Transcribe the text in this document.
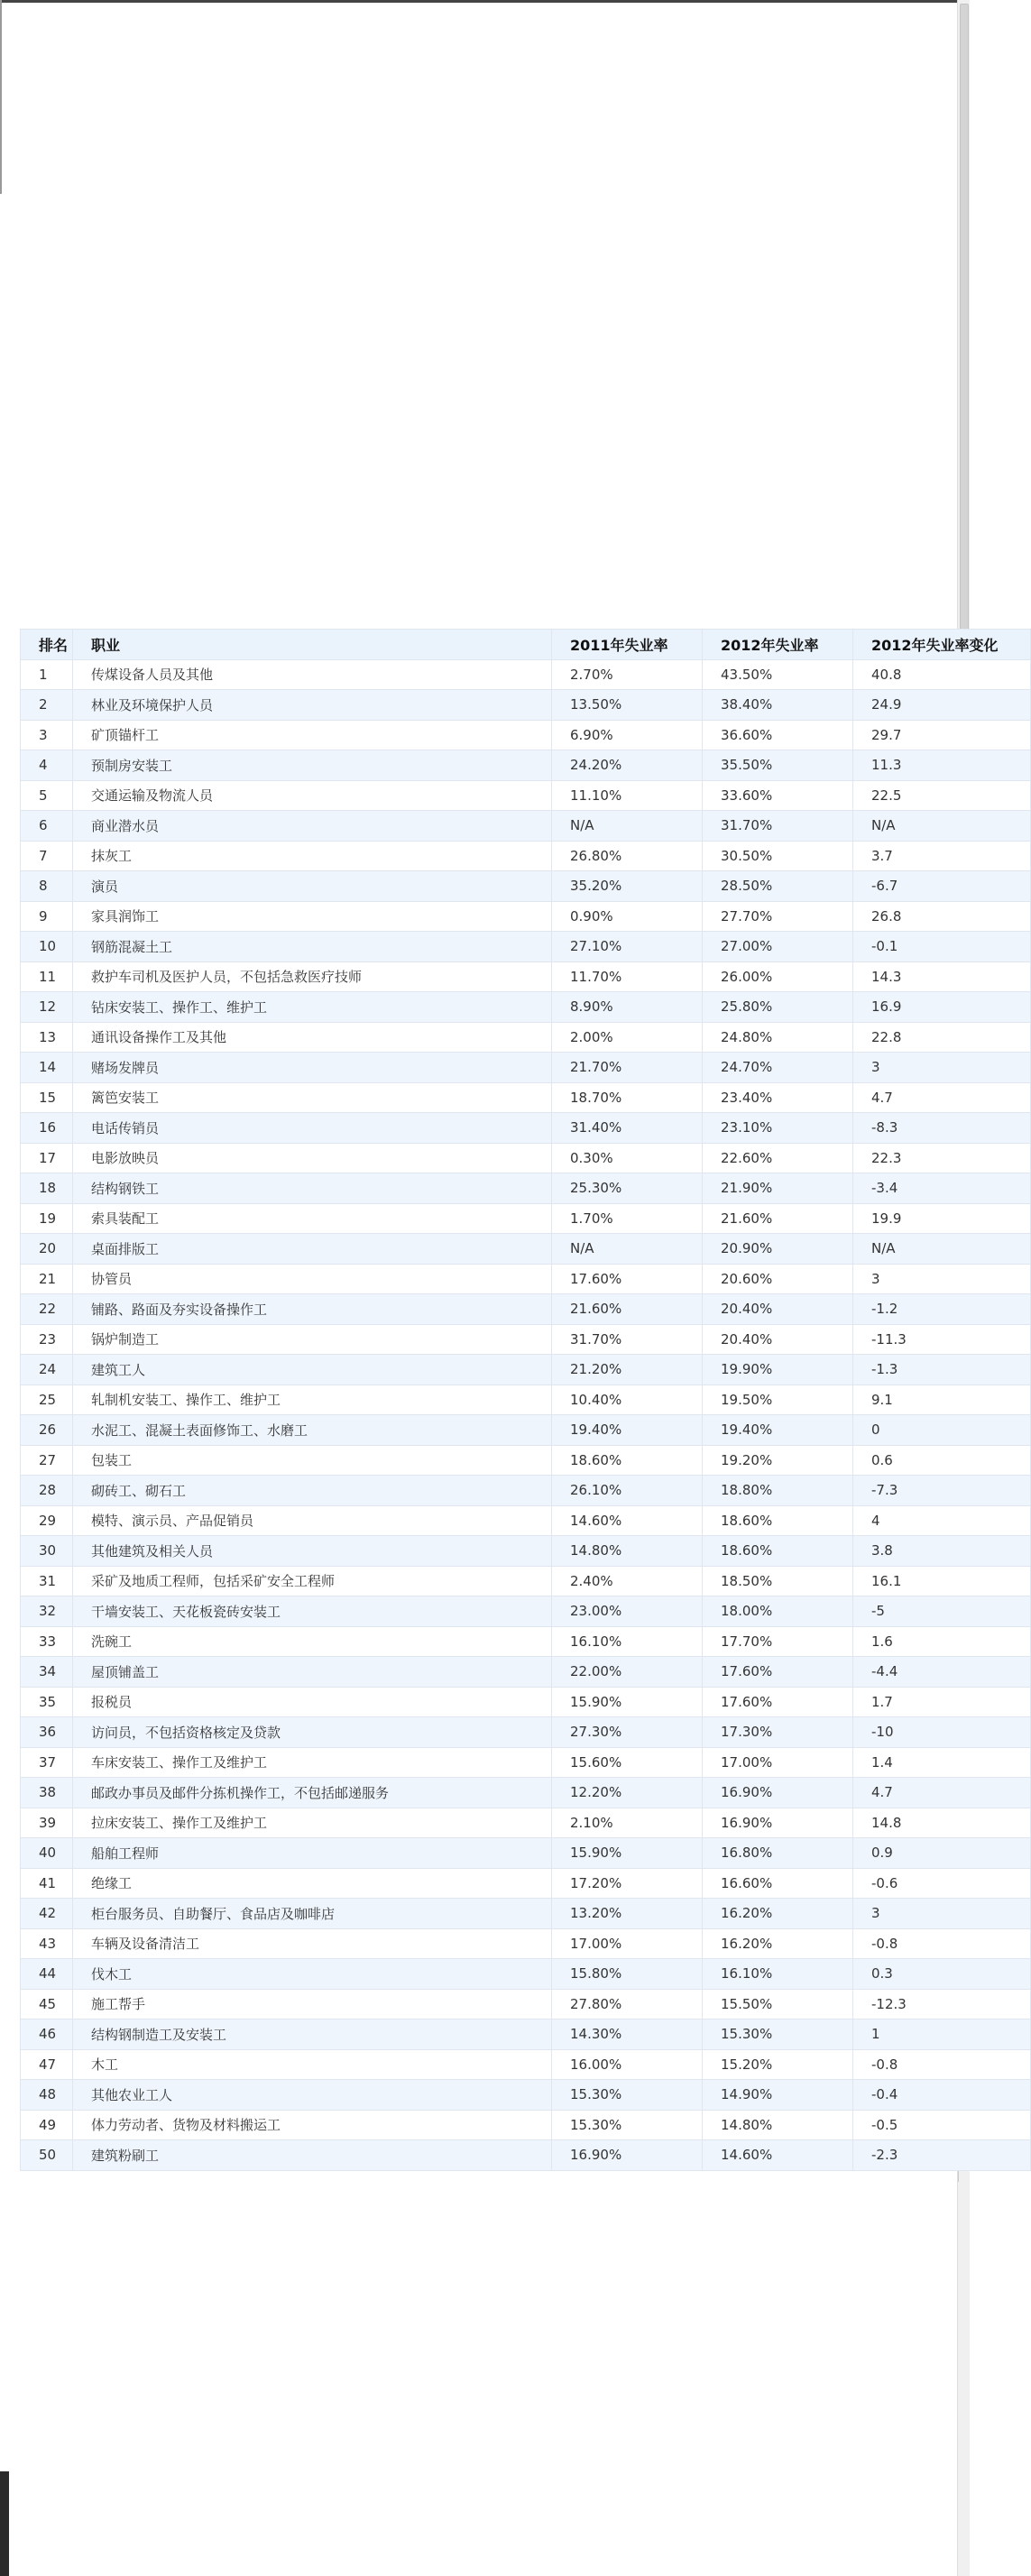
排名	职业	2011年失业率	2012年失业率	2012年失业率变化
1	传煤设备人员及其他	2.70%	43.50%	40.8
2	林业及环境保护人员	13.50%	38.40%	24.9
3	矿顶锚杆工	6.90%	36.60%	29.7
4	预制房安装工	24.20%	35.50%	11.3
5	交通运输及物流人员	11.10%	33.60%	22.5
6	商业潜水员	N/A	31.70%	N/A
7	抹灰工	26.80%	30.50%	3.7
8	演员	35.20%	28.50%	-6.7
9	家具润饰工	0.90%	27.70%	26.8
10	钢筋混凝土工	27.10%	27.00%	-0.1
11	救护车司机及医护人员，不包括急救医疗技师	11.70%	26.00%	14.3
12	钻床安装工、操作工、维护工	8.90%	25.80%	16.9
13	通讯设备操作工及其他	2.00%	24.80%	22.8
14	赌场发牌员	21.70%	24.70%	3
15	篱笆安装工	18.70%	23.40%	4.7
16	电话传销员	31.40%	23.10%	-8.3
17	电影放映员	0.30%	22.60%	22.3
18	结构钢铁工	25.30%	21.90%	-3.4
19	索具装配工	1.70%	21.60%	19.9
20	桌面排版工	N/A	20.90%	N/A
21	协管员	17.60%	20.60%	3
22	铺路、路面及夯实设备操作工	21.60%	20.40%	-1.2
23	锅炉制造工	31.70%	20.40%	-11.3
24	建筑工人	21.20%	19.90%	-1.3
25	轧制机安装工、操作工、维护工	10.40%	19.50%	9.1
26	水泥工、混凝土表面修饰工、水磨工	19.40%	19.40%	0
27	包装工	18.60%	19.20%	0.6
28	砌砖工、砌石工	26.10%	18.80%	-7.3
29	模特、演示员、产品促销员	14.60%	18.60%	4
30	其他建筑及相关人员	14.80%	18.60%	3.8
31	采矿及地质工程师，包括采矿安全工程师	2.40%	18.50%	16.1
32	干墙安装工、天花板瓷砖安装工	23.00%	18.00%	-5
33	洗碗工	16.10%	17.70%	1.6
34	屋顶铺盖工	22.00%	17.60%	-4.4
35	报税员	15.90%	17.60%	1.7
36	访问员，不包括资格核定及贷款	27.30%	17.30%	-10
37	车床安装工、操作工及维护工	15.60%	17.00%	1.4
38	邮政办事员及邮件分拣机操作工，不包括邮递服务	12.20%	16.90%	4.7
39	拉床安装工、操作工及维护工	2.10%	16.90%	14.8
40	船舶工程师	15.90%	16.80%	0.9
41	绝缘工	17.20%	16.60%	-0.6
42	柜台服务员、自助餐厅、食品店及咖啡店	13.20%	16.20%	3
43	车辆及设备清洁工	17.00%	16.20%	-0.8
44	伐木工	15.80%	16.10%	0.3
45	施工帮手	27.80%	15.50%	-12.3
46	结构钢制造工及安装工	14.30%	15.30%	1
47	木工	16.00%	15.20%	-0.8
48	其他农业工人	15.30%	14.90%	-0.4
49	体力劳动者、货物及材料搬运工	15.30%	14.80%	-0.5
50	建筑粉刷工	16.90%	14.60%	-2.3
